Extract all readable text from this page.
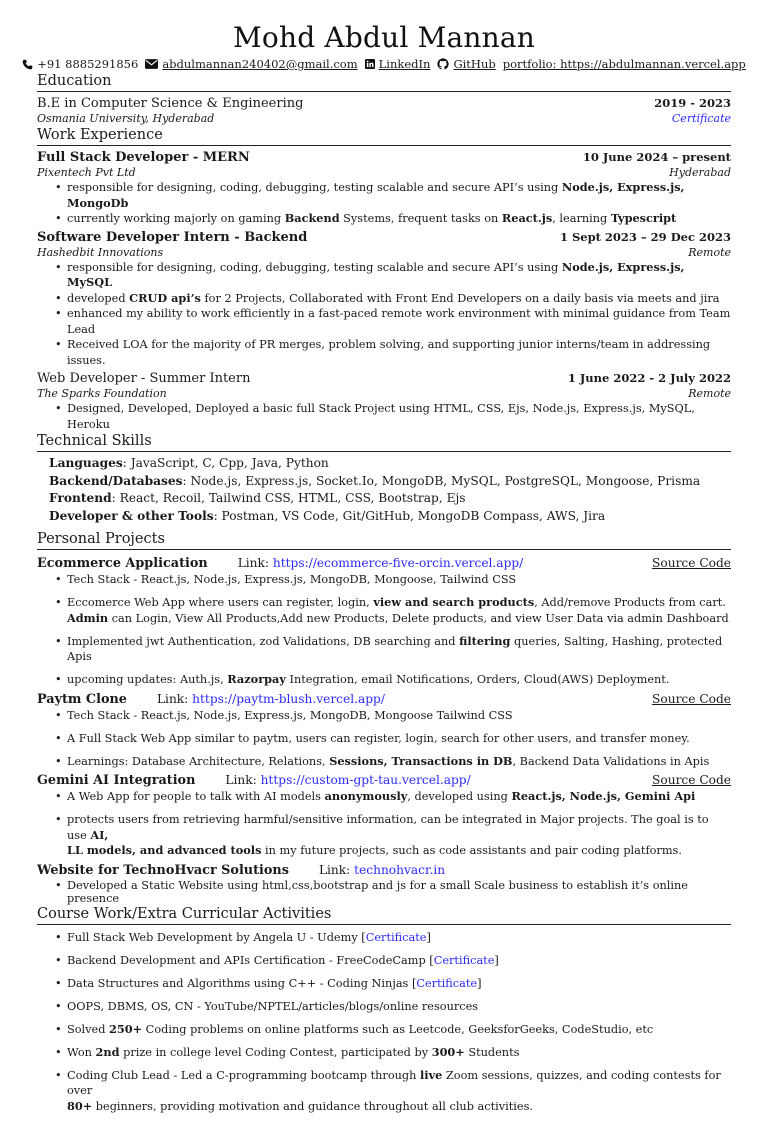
Mohd Abdul Mannan
+91 8885291856 abdulmannan240402@gmail.com LinkedIn GitHub portfolio: https://abdulmannan.vercel.app
Education
B.E in Computer Science & Engineering	2019 - 2023
Osmania University, Hyderabad	Certificate
Work Experience
Full Stack Developer - MERN	10 June 2024 – present
Pixentech Pvt Ltd	Hyderabad
• responsible for designing, coding, debugging, testing scalable and secure API’s using Node.js, Express.js, MongoDb
• currently working majorly on gaming Backend Systems, frequent tasks on React.js, learning Typescript
Software Developer Intern - Backend	1 Sept 2023 – 29 Dec 2023
Hashedbit Innovations	Remote
• responsible for designing, coding, debugging, testing scalable and secure API’s using Node.js, Express.js, MySQL
• developed CRUD api’s for 2 Projects, Collaborated with Front End Developers on a daily basis via meets and jira
• enhanced my ability to work efficiently in a fast-paced remote work environment with minimal guidance from Team Lead
• Received LOA for the majority of PR merges, problem solving, and supporting junior interns/team in addressing issues.
Web Developer - Summer Intern	1 June 2022 - 2 July 2022
The Sparks Foundation	Remote
• Designed, Developed, Deployed a basic full Stack Project using HTML, CSS, Ejs, Node.js, Express.js, MySQL, Heroku
Technical Skills
Languages: JavaScript, C, Cpp, Java, Python
Backend/Databases: Node.js, Express.js, Socket.Io, MongoDB, MySQL, PostgreSQL, Mongoose, Prisma
Frontend: React, Recoil, Tailwind CSS, HTML, CSS, Bootstrap, Ejs
Developer & other Tools: Postman, VS Code, Git/GitHub, MongoDB Compass, AWS, Jira
Personal Projects
Ecommerce Application Link: https://ecommerce-five-orcin.vercel.app/	Source Code
• Tech Stack - React.js, Node.js, Express.js, MongoDB, Mongoose, Tailwind CSS
• Eccomerce Web App where users can register, login, view and search products, Add/remove Products from cart.
Admin can Login, View All Products,Add new Products, Delete products, and view User Data via admin Dashboard
• Implemented jwt Authentication, zod Validations, DB searching and filtering queries, Salting, Hashing, protected Apis
• upcoming updates: Auth.js, Razorpay Integration, email Notifications, Orders, Cloud(AWS) Deployment.
Paytm Clone Link: https://paytm-blush.vercel.app/	Source Code
• Tech Stack - React.js, Node.js, Express.js, MongoDB, Mongoose Tailwind CSS
• A Full Stack Web App similar to paytm, users can register, login, search for other users, and transfer money.
• Learnings: Database Architecture, Relations, Sessions, Transactions in DB, Backend Data Validations in Apis
Gemini AI Integration Link: https://custom-gpt-tau.vercel.app/	Source Code
• A Web App for people to talk with AI models anonymously, developed using React.js, Node.js, Gemini Api
• protects users from retrieving harmful/sensitive information, can be integrated in Major projects. The goal is to use AI,
LL models, and advanced tools in my future projects, such as code assistants and pair coding platforms.
Website for TechnoHvacr Solutions Link: technohvacr.in
• Developed a Static Website using html,css,bootstrap and js for a small Scale business to establish it’s online presence
Course Work/Extra Curricular Activities
• Full Stack Web Development by Angela U - Udemy [Certificate]
• Backend Development and APIs Certification - FreeCodeCamp [Certificate]
• Data Structures and Algorithms using C++ - Coding Ninjas [Certificate]
• OOPS, DBMS, OS, CN - YouTube/NPTEL/articles/blogs/online resources
• Solved 250+ Coding problems on online platforms such as Leetcode, GeeksforGeeks, CodeStudio, etc
• Won 2nd prize in college level Coding Contest, participated by 300+ Students
• Coding Club Lead - Led a C-programming bootcamp through live Zoom sessions, quizzes, and coding contests for over
80+ beginners, providing motivation and guidance throughout all club activities.
